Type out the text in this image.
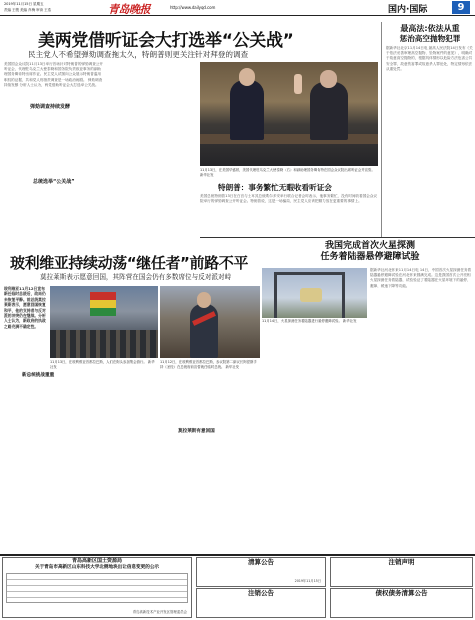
2019年11月15日 星期五
责编 王骏 美编 肖梅 审读 王浩	青岛晚报	http://www.dailyqd.com	国内·国际	9
美两党借听证会大打选举“公关战”
民主党人不希望弹劾调查拖太久，特朗普则更关注针对拜登的调查
美国国会众议院11月13日举行首场针对特朗普的弹劾调查公开听证会，代理驻乌克兰大使泰勒和国务院负责欧亚事务的副助理国务卿肯特出席作证。民主党人试图向公众展示特朗普滥用职权的证据，共和党人则指责调查是一场政治闹剧。 弹劾调查持续发酵 分析人士认为，两党借助听证会大打选举公关战。
弹劾调查持续发酵
总统选举“公关战”
11月13日，在美国华盛顿，美国代理驻乌克兰大使泰勒（右）和副助理国务卿肯特在国会众议院出席听证会并宣誓。 新华社发
特朗普：事务繁忙无暇收看听证会
美国总统特朗普13日在白宫与土耳其总统埃尔多安举行联合记者会时表示，他事务繁忙，没有时间收看国会众议院举行的弹劾调查公开听证会。特朗普说，这是一场骗局，民主党人应该把精力放在更重要的事情上。
最高法:依法从重
惩治高空抛物犯罪
据新华社北京11月14日电 最高人民法院14日发布《关于依法妥善审理高空抛物、坠物案件的意见》，明确对于故意高空抛物的，根据具体情形以危险方法危害公共安全罪、故意伤害罪或故意杀人罪论处，特定情形依法从重处罚。
我国完成首次火星探测
任务着陆器悬停避障试验
11月14日，火星探测任务着陆器进行悬停避障试验。 新华社发
据新华社河北怀来11月14日电 14日，中国首次火星探测任务着陆器悬停避障试验在河北怀来圆满完成。这是我国首次公开亮相火星探测任务着陆器，试验验证了着陆器在火星环境下的悬停、避障、缓速下降等功能。
玻利维亚持续动荡“继任者”前路不平
莫拉莱斯表示愿意回国，其阵营在国会仍有多数席位与反对派对峙
玻利维亚11月12日宣布新任临时总统后，政局仍未恢复平静。前总统莫拉莱斯表示，愿意回国恢复和平，他的支持者与反对派的冲突仍在继续。分析人士认为，新政府的执政之路充满不确定性。
11月13日，在玻利维亚首都拉巴斯，人们在街头参加集会游行。 新华社发
11月12日，在玻利维亚首都拉巴斯，参议院第二副议长阿涅斯手持《圣经》在总统府前宣誓就任临时总统。 新华社发
新总统挑战重重
莫拉莱斯有意回国
青岛高新区国土资源局
关于青岛市高新区山东科技大学北侧地块出让信息变更的公示
青岛高新技术产业开发区管理委员会
清算公告
2019年11月15日
注销公告
注销声明
债权债务清算公告
